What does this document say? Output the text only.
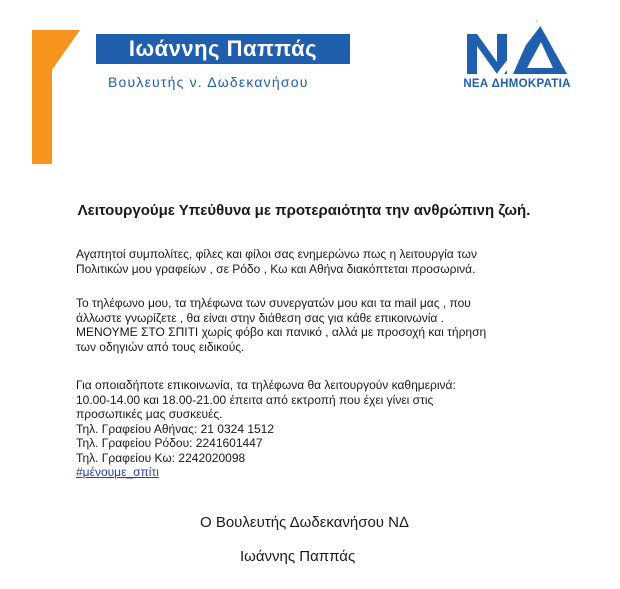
Ιωάννης Παππάς
Βουλευτής ν. Δωδεκανήσου	ΝΕΑ ΔΗΜΟΚΡΑΤΙΑ
Λειτουργούμε Υπεύθυνα με προτεραιότητα την ανθρώπινη ζωή.
Αγαπητοί συμπολίτες, φίλες και φίλοι σας ενημερώνω πως η λειτουργία των
Πολιτικών μου γραφείων , σε Ρόδο , Κω και Αθήνα διακόπτεται προσωρινά.
Το τηλέφωνο μου, τα τηλέφωνα των συνεργατών μου και τα mail μας , που
άλλωστε γνωρίζετε , θα είναι στην διάθεση σας για κάθε επικοινωνία .
ΜΕΝΟΥΜΕ ΣΤΟ ΣΠΙΤΙ χωρίς φόβο και πανικό , αλλά με προσοχή και τήρηση
των οδηγιών από τους ειδικούς.
Για οποιαδήποτε επικοινωνία, τα τηλέφωνα θα λειτουργούν καθημερινά:
10.00-14.00 και 18.00-21.00 έπειτα από εκτροπή που έχει γίνει στις
προσωπικές μας συσκευές.
Τηλ. Γραφείου Αθήνας: 21 0324 1512
Τηλ. Γραφείου Ρόδου: 2241601447
Τηλ. Γραφείου Κω: 2242020098
#μένουμε_σπίτι
Ο Βουλευτής Δωδεκανήσου ΝΔ
Ιωάννης Παππάς
